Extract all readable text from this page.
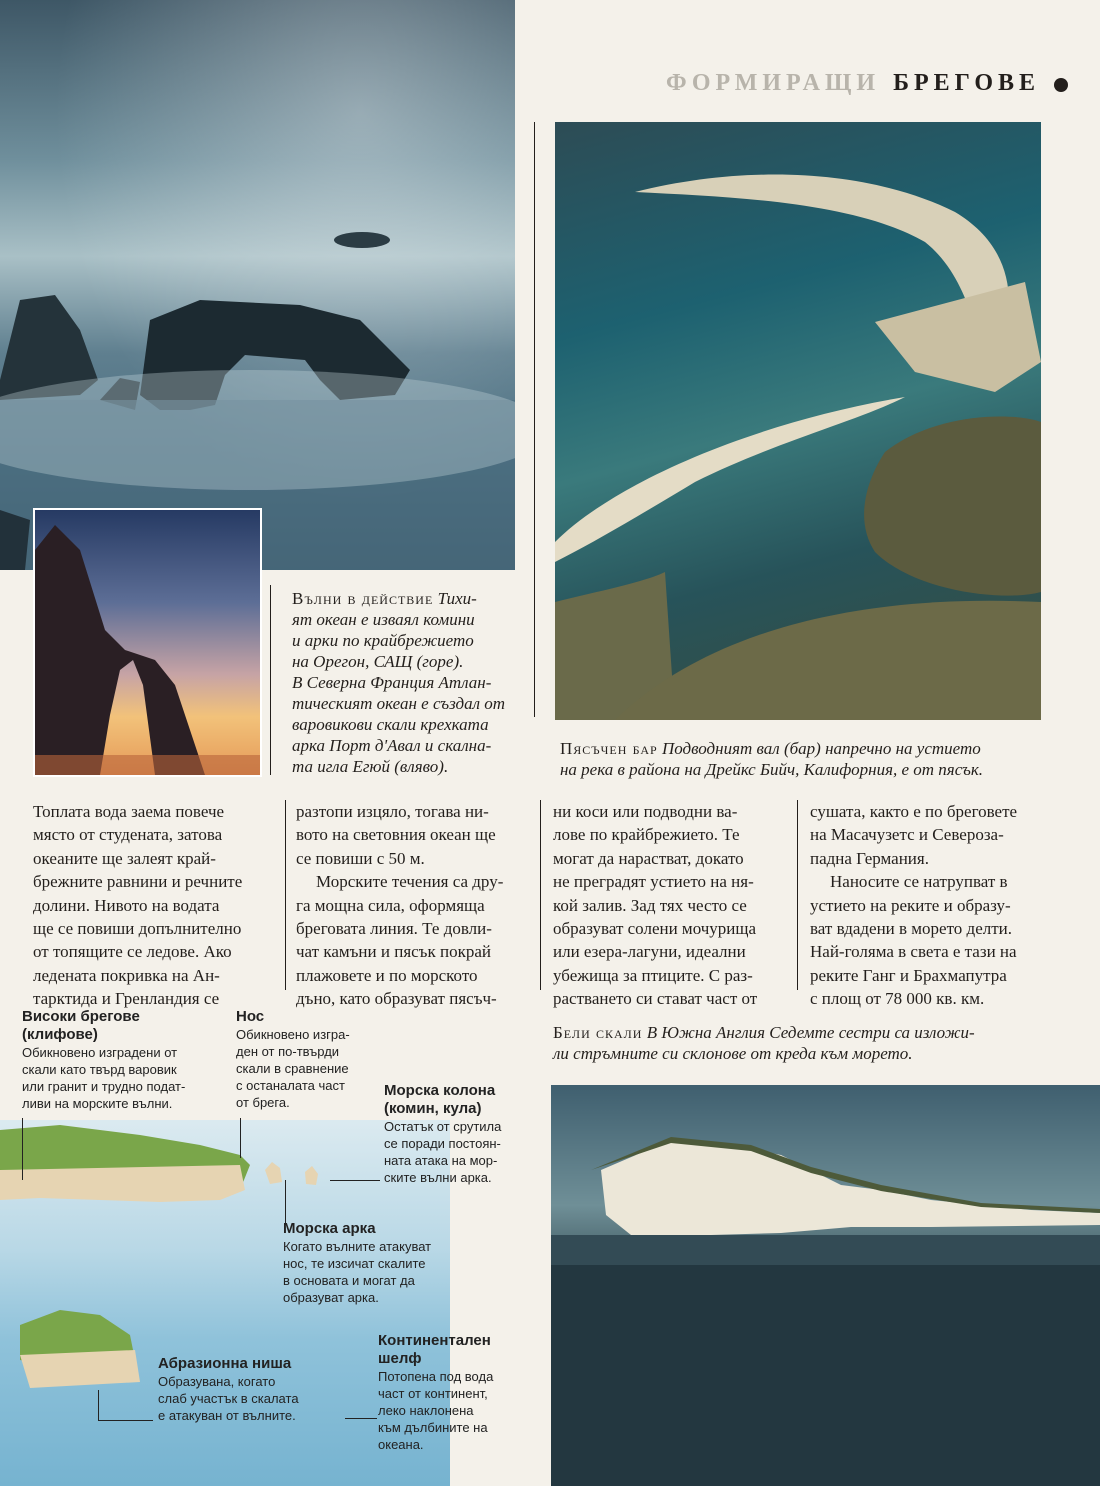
ФОРМИРАЩИ БРЕГОВЕ
Вълни в действие Тихи-
ят океан е изваял комини
и арки по крайбрежието
на Орегон, САЩ (горе).
В Северна Франция Атлан-
тическият океан е създал от
варовикови скали крехката
арка Порт д'Авал и скална-
та игла Егюй (вляво).
Пясъчен бар Подводният вал (бар) напречно на устието
на река в района на Дрейкс Бийч, Калифорния, е от пясък.
Топлата вода заема повече
място от студената, затова
океаните ще залеят край-
брежните равнини и речните
долини. Нивото на водата
ще се повиши допълнително
от топящите се ледове. Ако
ледената покривка на Ан-
тарктида и Гренландия се
разтопи изцяло, тогава ни-
вото на световния океан ще
се повиши с 50 м.
Морските течения са дру-
га мощна сила, оформяща
бреговата линия. Те довли-
чат камъни и пясък покрай
плажовете и по морското
дъно, като образуват пясъч-
ни коси или подводни ва-
лове по крайбрежието. Те
могат да нарастват, докато
не преградят устието на ня-
кой залив. Зад тях често се
образуват солени мочурища
или езера-лагуни, идеални
убежища за птиците. С раз-
растването си стават част от
сушата, както е по бреговете
на Масачузетс и Североза-
падна Германия.
Наносите се натрупват в
устието на реките и образу-
ват вдадени в морето делти.
Най-голяма в света е тази на
реките Ганг и Брахмапутра
с площ от 78 000 кв. км.
Бели скали В Южна Англия Седемте сестри са изложи-
ли стръмните си склонове от креда към морето.
Високи брегове
(клифове)
Обикновено изградени от
скали като твърд варовик
или гранит и трудно подат-
ливи на морските вълни.
Нос
Обикновено изгра-
ден от по-твърди
скали в сравнение
с останалата част
от брега.
Морска колона
(комин, кула)
Остатък от срутила
се поради постоян-
ната атака на мор-
ските вълни арка.
Морска арка
Когато вълните атакуват
нос, те изсичат скалите
в основата и могат да
образуват арка.
Абразионна ниша
Образувана, когато
слаб участък в скалата
е атакуван от вълните.
Континентален
шелф
Потопена под вода
част от континент,
леко наклонена
към дълбините на
океана.
